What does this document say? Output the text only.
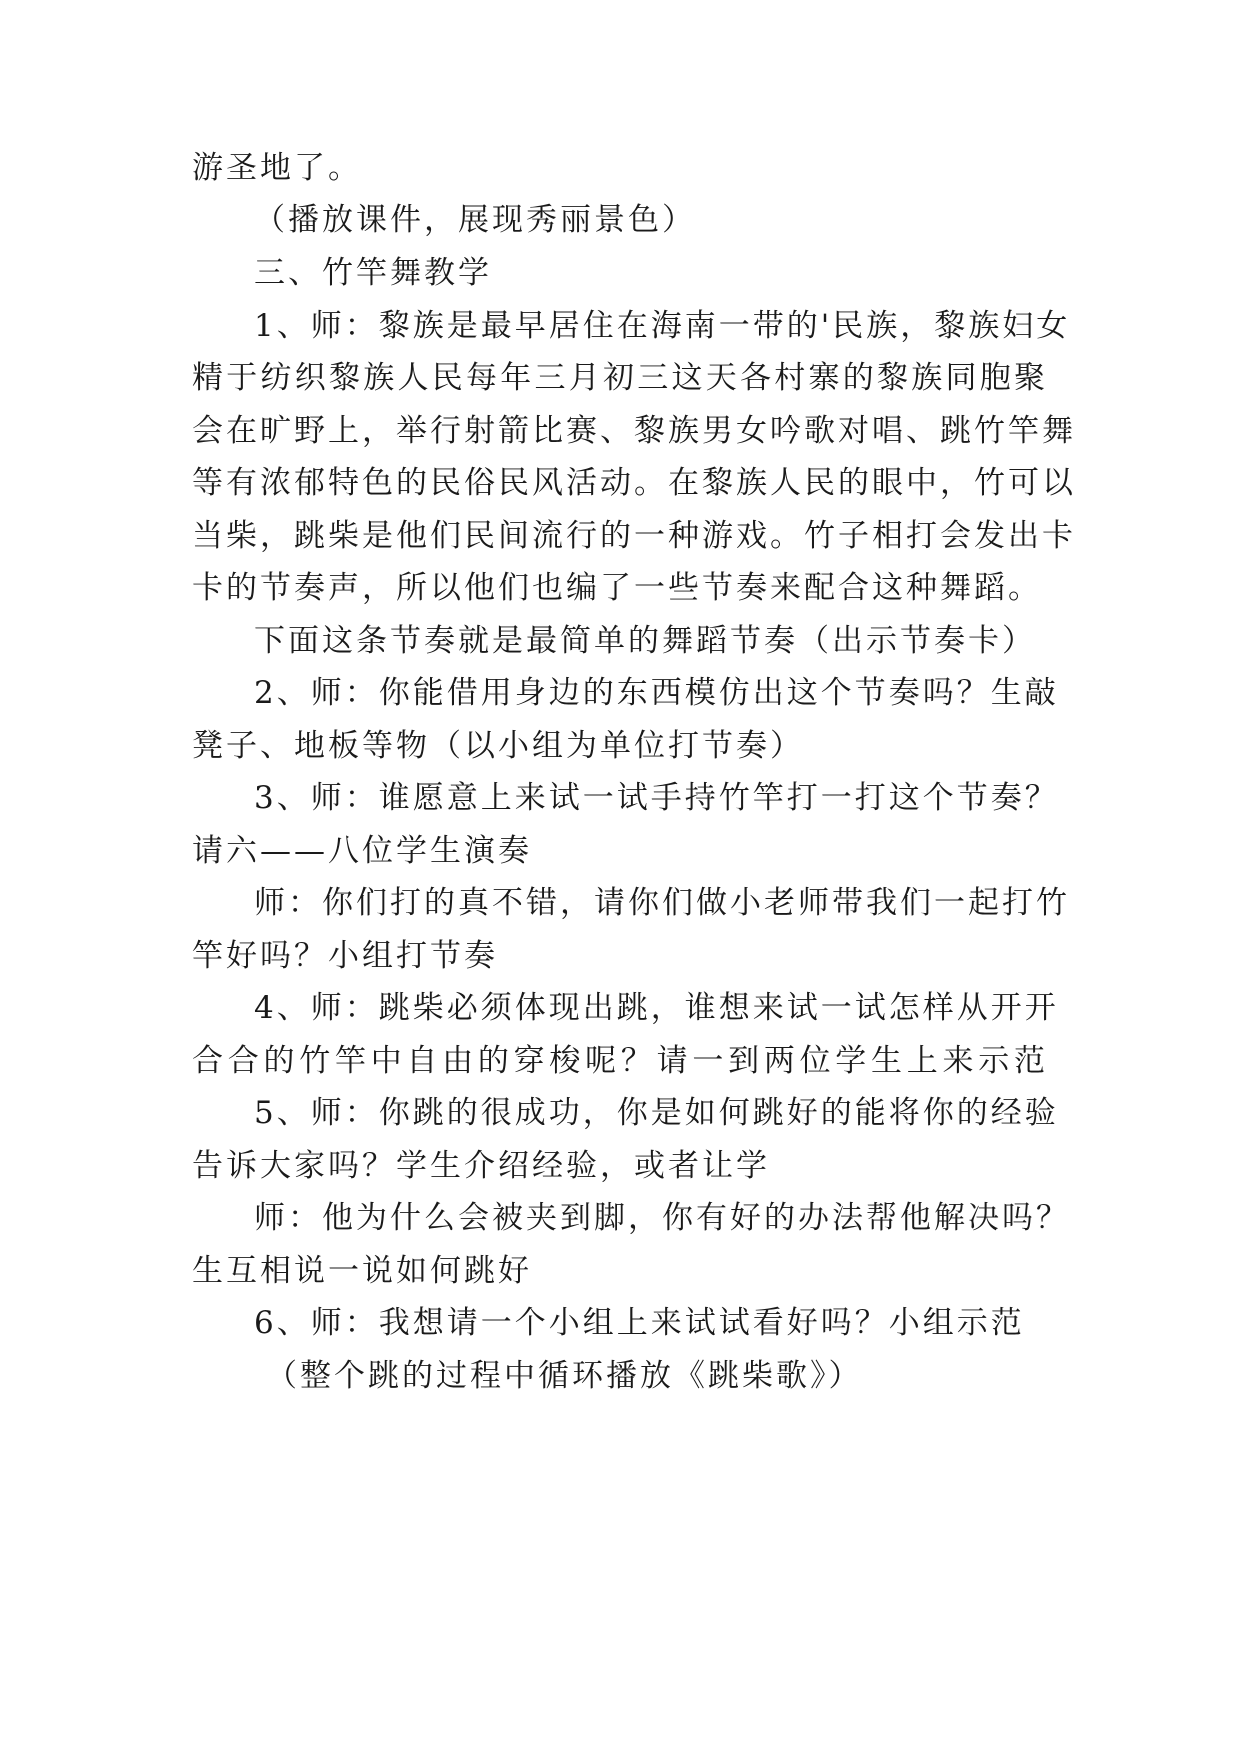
游圣地了。
（播放课件，展现秀丽景色）
三、竹竿舞教学
1、师：黎族是最早居住在海南一带的'民族，黎族妇女
精于纺织黎族人民每年三月初三这天各村寨的黎族同胞聚
会在旷野上，举行射箭比赛、黎族男女吟歌对唱、跳竹竿舞
等有浓郁特色的民俗民风活动。在黎族人民的眼中，竹可以
当柴，跳柴是他们民间流行的一种游戏。竹子相打会发出卡
卡的节奏声，所以他们也编了一些节奏来配合这种舞蹈。
下面这条节奏就是最简单的舞蹈节奏（出示节奏卡）
2、师：你能借用身边的东西模仿出这个节奏吗？生敲
凳子、地板等物（以小组为单位打节奏）
3、师：谁愿意上来试一试手持竹竿打一打这个节奏？
请六——八位学生演奏
师：你们打的真不错，请你们做小老师带我们一起打竹
竿好吗？小组打节奏
4、师：跳柴必须体现出跳，谁想来试一试怎样从开开
合合的竹竿中自由的穿梭呢？请一到两位学生上来示范
5、师：你跳的很成功，你是如何跳好的能将你的经验
告诉大家吗？学生介绍经验，或者让学
师：他为什么会被夹到脚，你有好的办法帮他解决吗？
生互相说一说如何跳好
6、师：我想请一个小组上来试试看好吗？小组示范
（整个跳的过程中循环播放《跳柴歌》）
